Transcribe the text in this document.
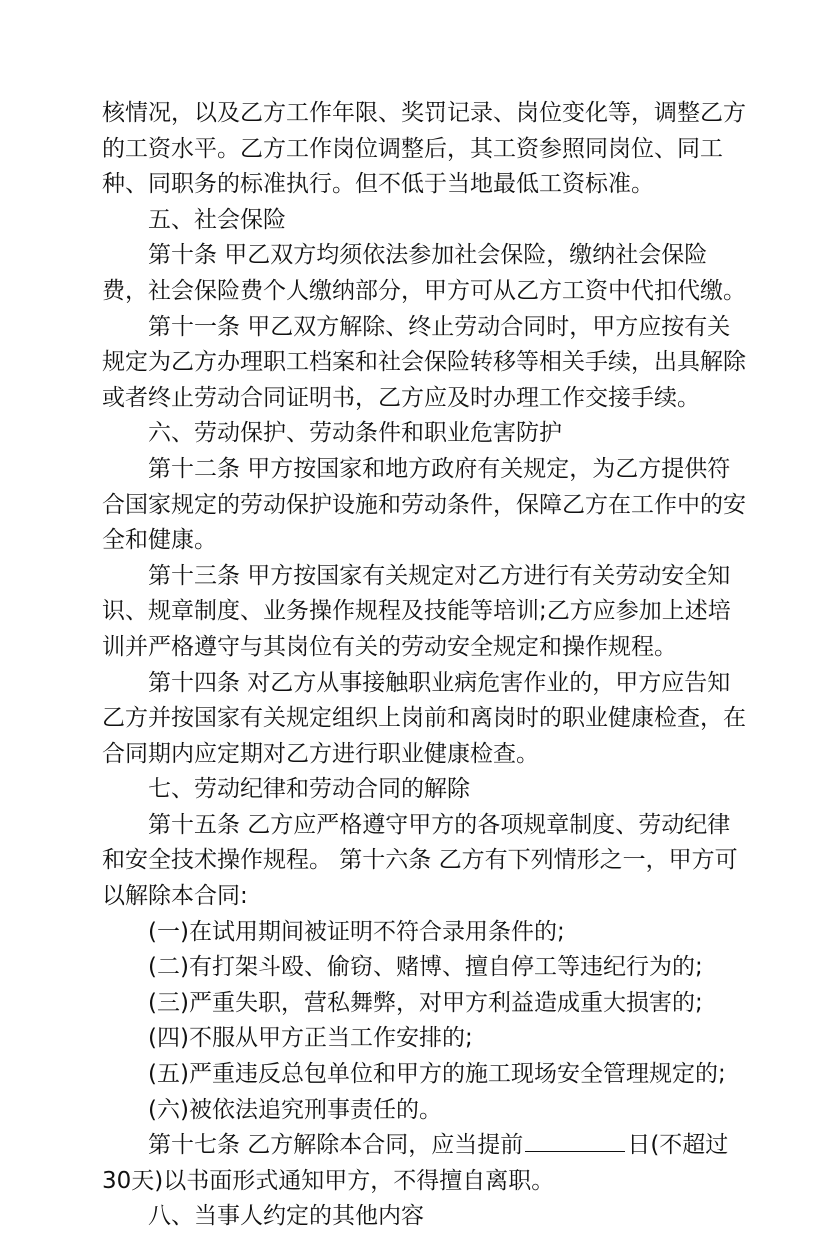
核情况，以及乙方工作年限、奖罚记录、岗位变化等，调整乙方
的工资水平。乙方工作岗位调整后，其工资参照同岗位、同工
种、同职务的标准执行。但不低于当地最低工资标准。
五、社会保险
第十条 甲乙双方均须依法参加社会保险，缴纳社会保险
费，社会保险费个人缴纳部分，甲方可从乙方工资中代扣代缴。
第十一条 甲乙双方解除、终止劳动合同时，甲方应按有关
规定为乙方办理职工档案和社会保险转移等相关手续，出具解除
或者终止劳动合同证明书，乙方应及时办理工作交接手续。
六、劳动保护、劳动条件和职业危害防护
第十二条 甲方按国家和地方政府有关规定，为乙方提供符
合国家规定的劳动保护设施和劳动条件，保障乙方在工作中的安
全和健康。
第十三条 甲方按国家有关规定对乙方进行有关劳动安全知
识、规章制度、业务操作规程及技能等培训;乙方应参加上述培
训并严格遵守与其岗位有关的劳动安全规定和操作规程。
第十四条 对乙方从事接触职业病危害作业的，甲方应告知
乙方并按国家有关规定组织上岗前和离岗时的职业健康检查，在
合同期内应定期对乙方进行职业健康检查。
七、劳动纪律和劳动合同的解除
第十五条 乙方应严格遵守甲方的各项规章制度、劳动纪律
和安全技术操作规程。 第十六条 乙方有下列情形之一，甲方可
以解除本合同:
(一)在试用期间被证明不符合录用条件的;
(二)有打架斗殴、偷窃、赌博、擅自停工等违纪行为的;
(三)严重失职，营私舞弊，对甲方利益造成重大损害的;
(四)不服从甲方正当工作安排的;
(五)严重违反总包单位和甲方的施工现场安全管理规定的;
(六)被依法追究刑事责任的。
第十七条 乙方解除本合同，应当提前	日(不超过
30天)以书面形式通知甲方，不得擅自离职。
八、当事人约定的其他内容
